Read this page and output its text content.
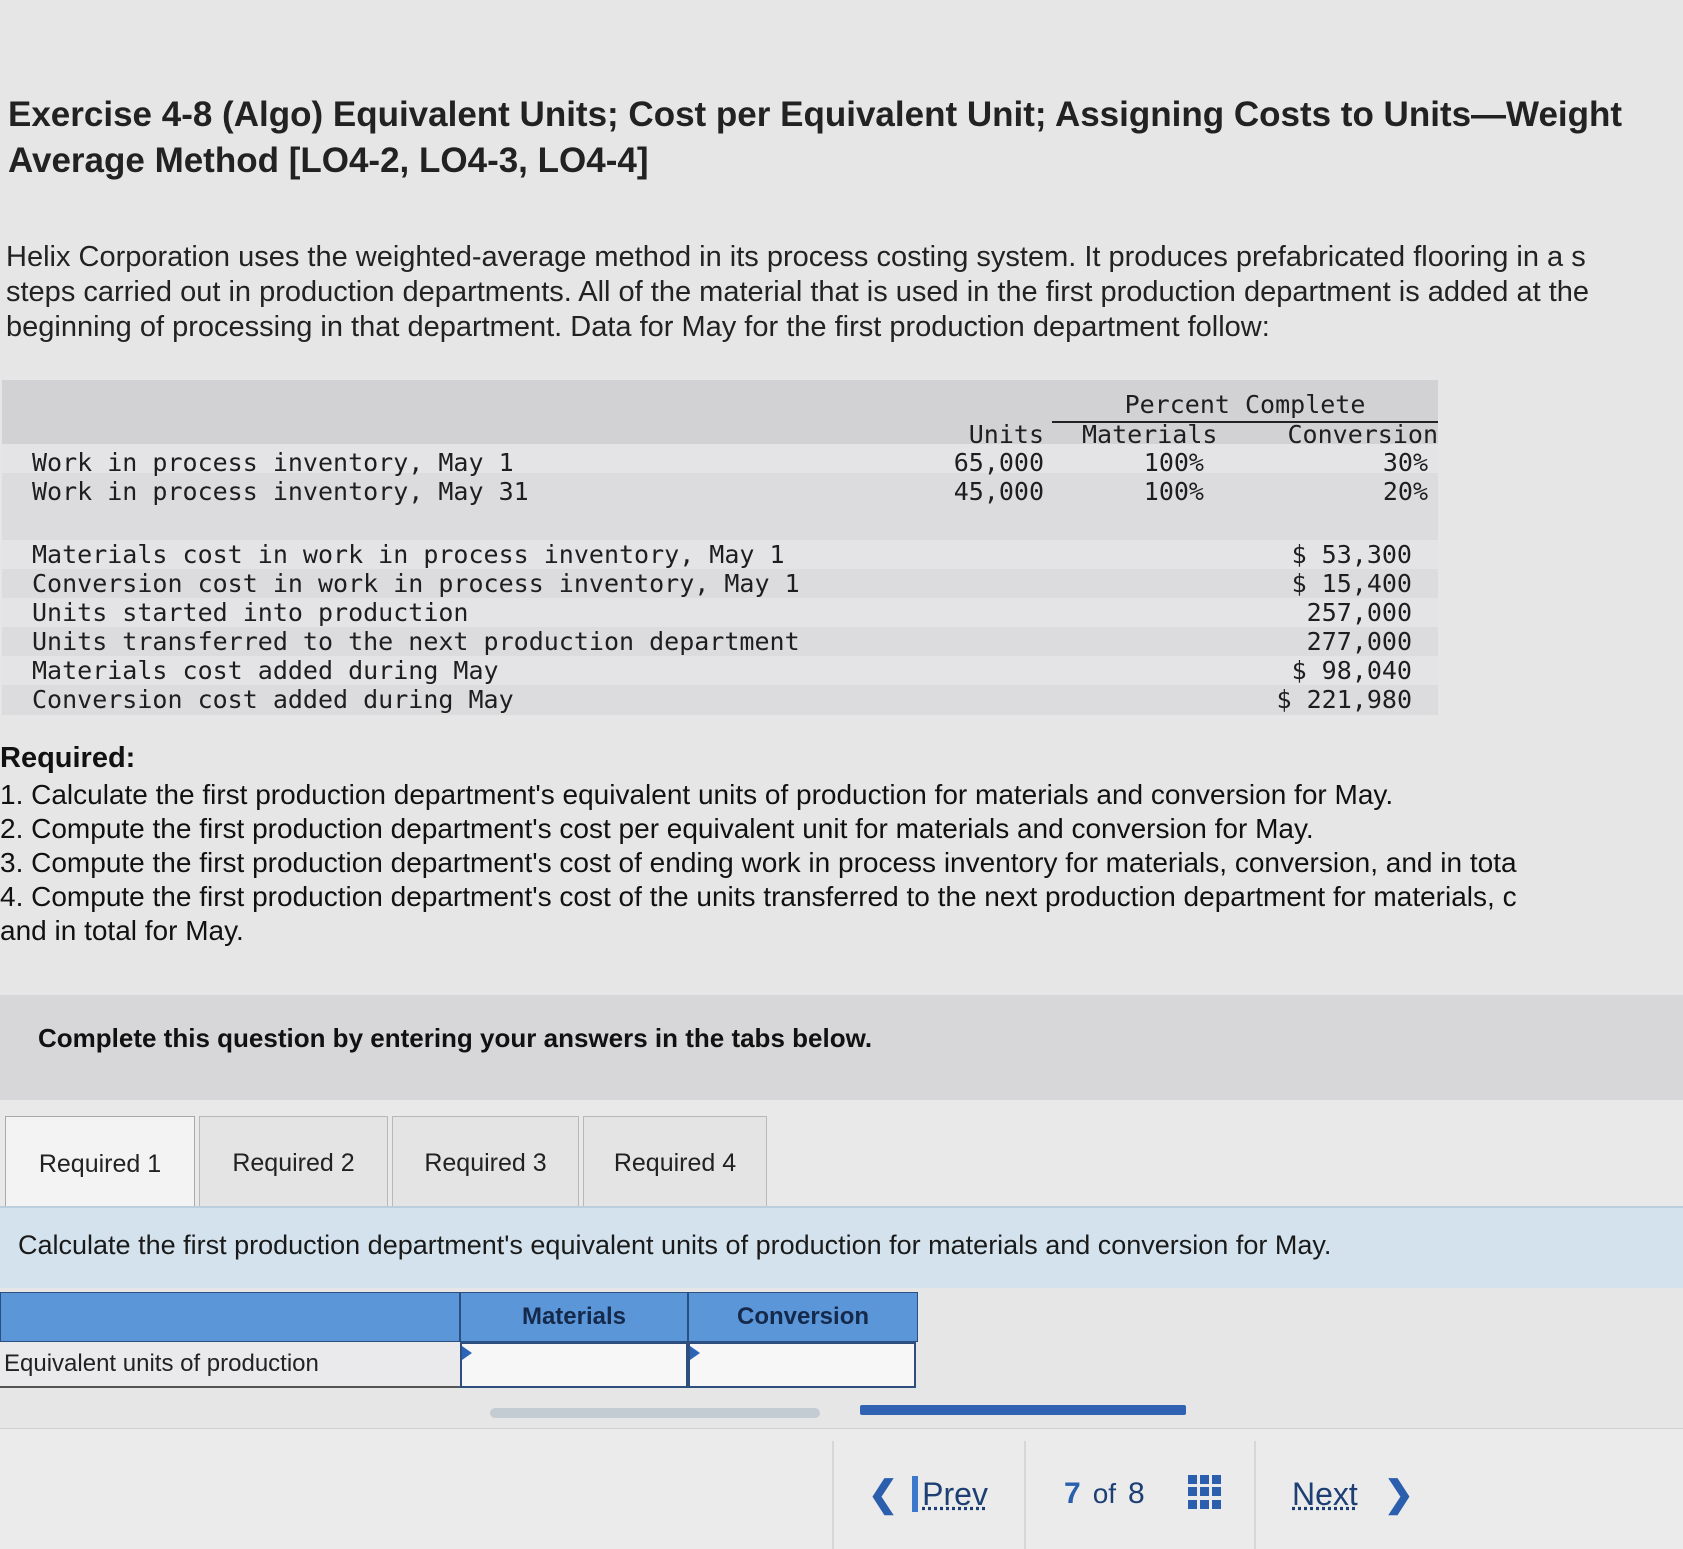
Exercise 4-8 (Algo) Equivalent Units; Cost per Equivalent Unit; Assigning Costs to Units—Weight
Average Method [LO4-2, LO4-3, LO4-4]
Helix Corporation uses the weighted-average method in its process costing system. It produces prefabricated flooring in a s
steps carried out in production departments. All of the material that is used in the first production department is added at the
beginning of processing in that department. Data for May for the first production department follow:
Percent Complete
Units Materials	Conversion
Work in process inventory, May 1	65,000	100%	30%
Work in process inventory, May 31	45,000	100%	20%
Materials cost in work in process inventory, May 1	$ 53,300
Conversion cost in work in process inventory, May 1	$ 15,400
Units started into production	257,000
Units transferred to the next production department	277,000
Materials cost added during May	$ 98,040
Conversion cost added during May	$ 221,980
Required:
1. Calculate the first production department's equivalent units of production for materials and conversion for May.
2. Compute the first production department's cost per equivalent unit for materials and conversion for May.
3. Compute the first production department's cost of ending work in process inventory for materials, conversion, and in tota
4. Compute the first production department's cost of the units transferred to the next production department for materials, c
and in total for May.
Complete this question by entering your answers in the tabs below.
Required 1	Required 2	Required 3	Required 4
Calculate the first production department's equivalent units of production for materials and conversion for May.
Materials	Conversion
Equivalent units of production
❮ Prev	7 of 8	Next ❯
